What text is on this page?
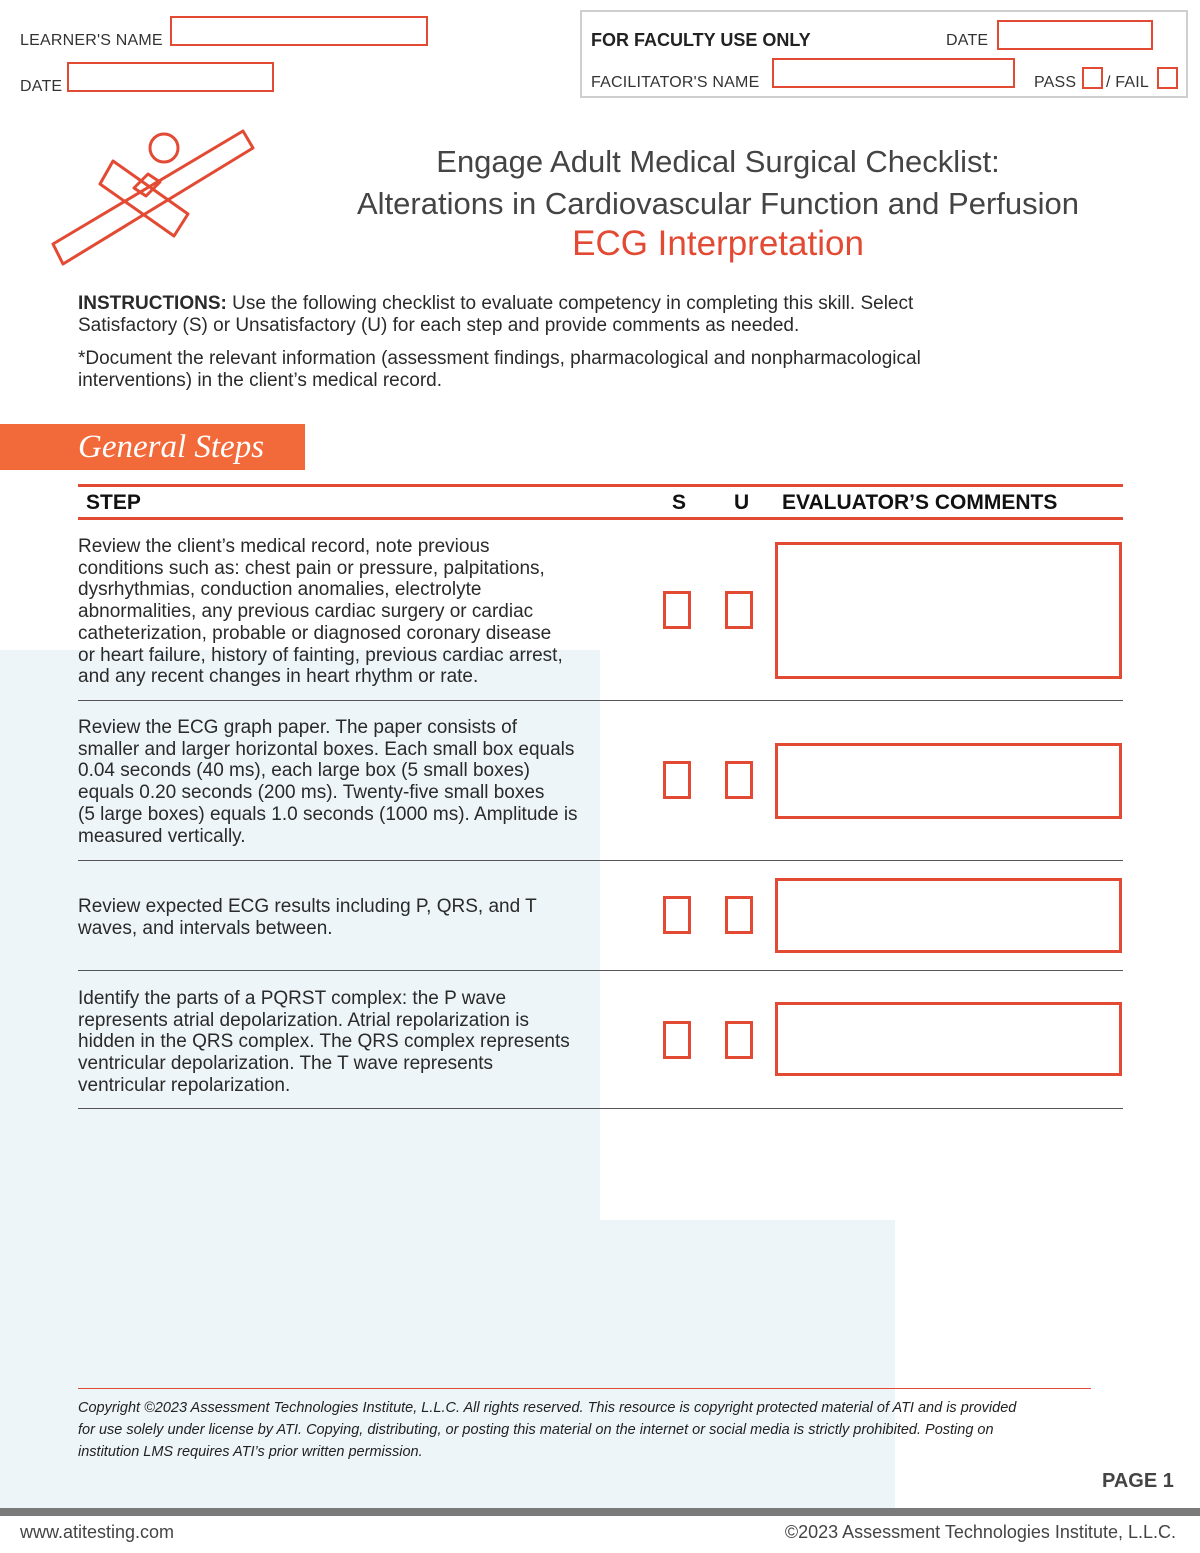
LEARNER'S NAME
DATE
FOR FACULTY USE ONLY	DATE
FACILITATOR'S NAME	PASS / FAIL
Engage Adult Medical Surgical Checklist:
Alterations in Cardiovascular Function and Perfusion
ECG Interpretation
INSTRUCTIONS: Use the following checklist to evaluate competency in completing this skill. Select
Satisfactory (S) or Unsatisfactory (U) for each step and provide comments as needed.
*Document the relevant information (assessment findings, pharmacological and nonpharmacological
interventions) in the client’s medical record.
General Steps
STEP	S U EVALUATOR’S COMMENTS
Review the client’s medical record, note previous
conditions such as: chest pain or pressure, palpitations,
dysrhythmias, conduction anomalies, electrolyte
abnormalities, any previous cardiac surgery or cardiac
catheterization, probable or diagnosed coronary disease
or heart failure, history of fainting, previous cardiac arrest,
and any recent changes in heart rhythm or rate.
Review the ECG graph paper. The paper consists of
smaller and larger horizontal boxes. Each small box equals
0.04 seconds (40 ms), each large box (5 small boxes)
equals 0.20 seconds (200 ms). Twenty-five small boxes
(5 large boxes) equals 1.0 seconds (1000 ms). Amplitude is
measured vertically.
Review expected ECG results including P, QRS, and T
waves, and intervals between.
Identify the parts of a PQRST complex: the P wave
represents atrial depolarization. Atrial repolarization is
hidden in the QRS complex. The QRS complex represents
ventricular depolarization. The T wave represents
ventricular repolarization.
Copyright ©2023 Assessment Technologies Institute, L.L.C. All rights reserved. This resource is copyright protected material of ATI and is provided
for use solely under license by ATI. Copying, distributing, or posting this material on the internet or social media is strictly prohibited. Posting on
institution LMS requires ATI’s prior written permission.
PAGE 1
www.atitesting.com	©2023 Assessment Technologies Institute, L.L.C.
